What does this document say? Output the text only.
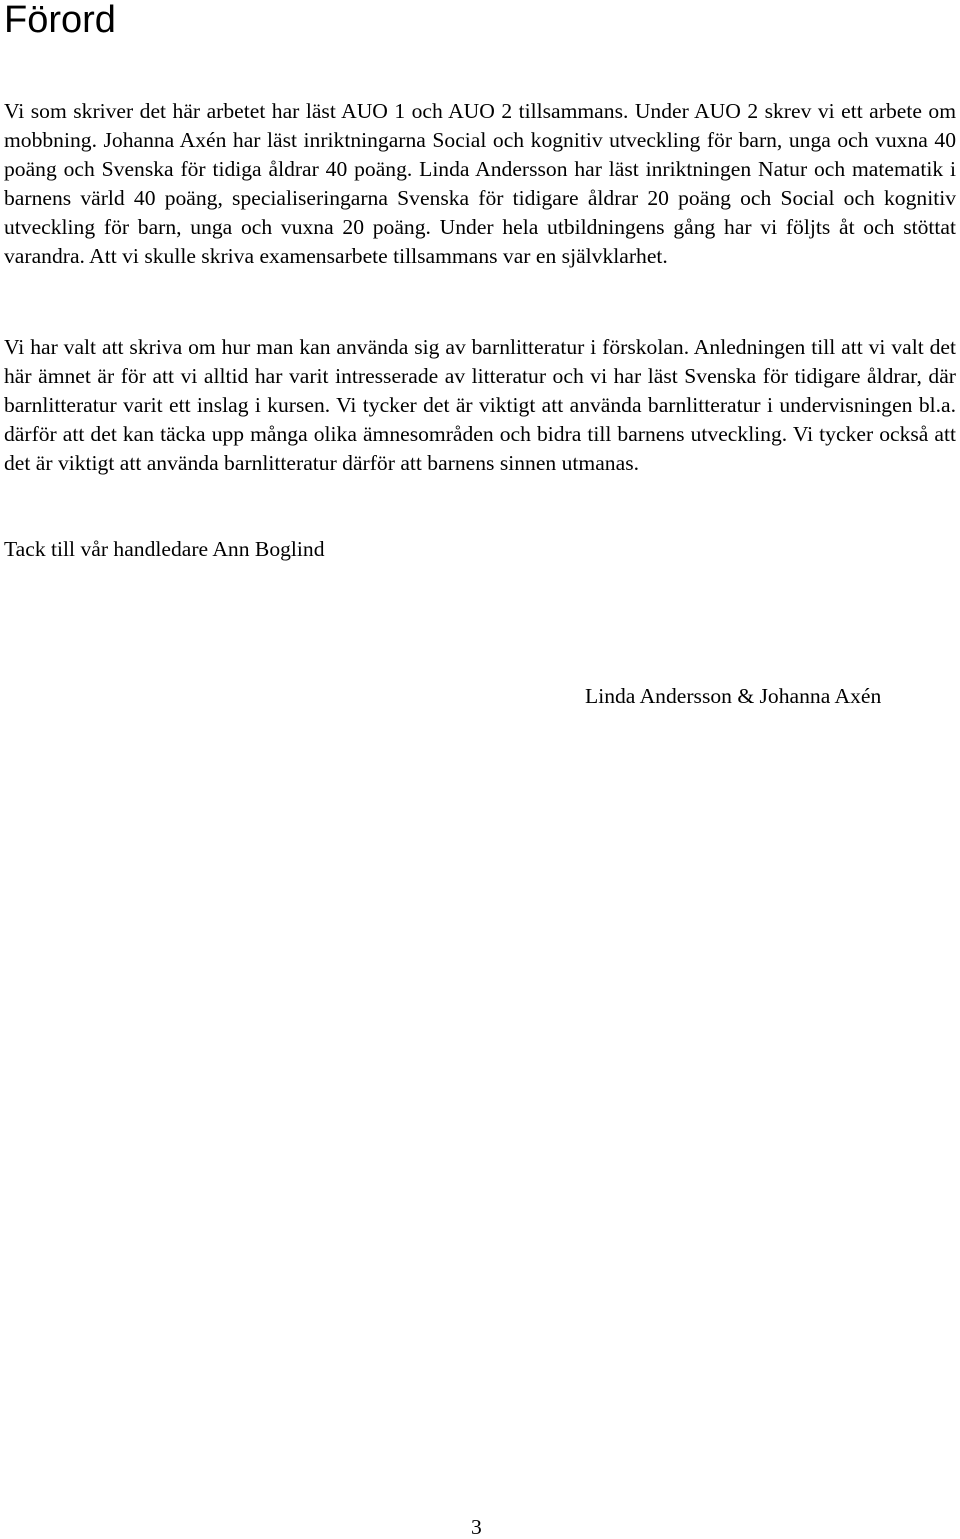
Förord

Vi som skriver det här arbetet har läst AUO 1 och AUO 2 tillsammans. Under AUO 2 skrev vi ett arbete om mobbning. Johanna Axén har läst inriktningarna Social och kognitiv utveckling för barn, unga och vuxna 40 poäng och Svenska för tidiga åldrar 40 poäng. Linda Andersson har läst inriktningen Natur och matematik i barnens värld 40 poäng, specialiseringarna Svenska för tidigare åldrar 20 poäng och Social och kognitiv utveckling för barn, unga och vuxna 20 poäng. Under hela utbildningens gång har vi följts åt och stöttat varandra. Att vi skulle skriva examensarbete tillsammans var en självklarhet.

Vi har valt att skriva om hur man kan använda sig av barnlitteratur i förskolan. Anledningen till att vi valt det här ämnet är för att vi alltid har varit intresserade av litteratur och vi har läst Svenska för tidigare åldrar, där barnlitteratur varit ett inslag i kursen. Vi tycker det är viktigt att använda barnlitteratur i undervisningen bl.a. därför att det kan täcka upp många olika ämnesområden och bidra till barnens utveckling. Vi tycker också att det är viktigt att använda barnlitteratur därför att barnens sinnen utmanas.

Tack till vår handledare Ann Boglind

Linda Andersson & Johanna Axén

3
